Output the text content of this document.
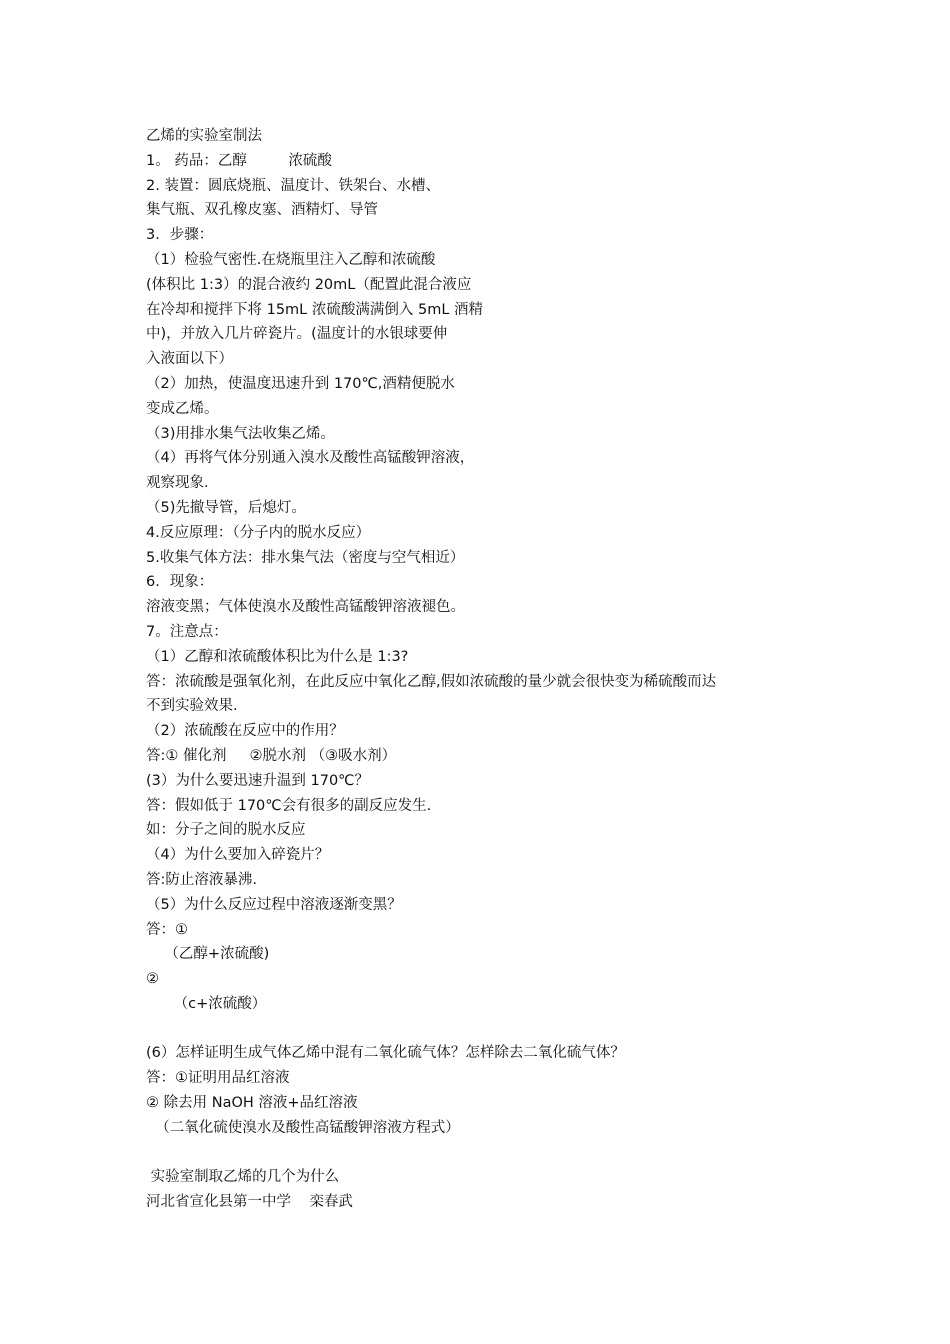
乙烯的实验室制法
1。 药品：乙醇         浓硫酸
2. 装置：圆底烧瓶、温度计、铁架台、水槽、
集气瓶、双孔橡皮塞、酒精灯、导管
3．步骤：
（1）检验气密性.在烧瓶里注入乙醇和浓硫酸
(体积比 1:3）的混合液约 20mL（配置此混合液应
在冷却和搅拌下将 15mL 浓硫酸满满倒入 5mL 酒精
中)，并放入几片碎瓷片。(温度计的水银球要伸
入液面以下）
（2）加热，使温度迅速升到 170℃,酒精便脱水
变成乙烯。
（3)用排水集气法收集乙烯。
（4）再将气体分别通入溴水及酸性高锰酸钾溶液，
观察现象.
（5)先撤导管，后熄灯。
4.反应原理：（分子内的脱水反应）
5.收集气体方法：排水集气法（密度与空气相近）
6．现象：
溶液变黑；气体使溴水及酸性高锰酸钾溶液褪色。
7。注意点：
（1）乙醇和浓硫酸体积比为什么是 1:3?
答：浓硫酸是强氧化剂，在此反应中氧化乙醇,假如浓硫酸的量少就会很快变为稀硫酸而达
不到实验效果.
（2）浓硫酸在反应中的作用？
答:① 催化剂     ②脱水剂 （③吸水剂）
(3）为什么要迅速升温到 170℃？
答：假如低于 170℃会有很多的副反应发生.
如：分子之间的脱水反应
（4）为什么要加入碎瓷片？
答:防止溶液暴沸.
（5）为什么反应过程中溶液逐渐变黑？
答：①
（乙醇+浓硫酸)
②
（c+浓硫酸）
(6）怎样证明生成气体乙烯中混有二氧化硫气体？怎样除去二氧化硫气体？
答：①证明用品红溶液
② 除去用 NaOH 溶液+品红溶液
（二氧化硫使溴水及酸性高锰酸钾溶液方程式）
实验室制取乙烯的几个为什么
河北省宣化县第一中学    栾春武
